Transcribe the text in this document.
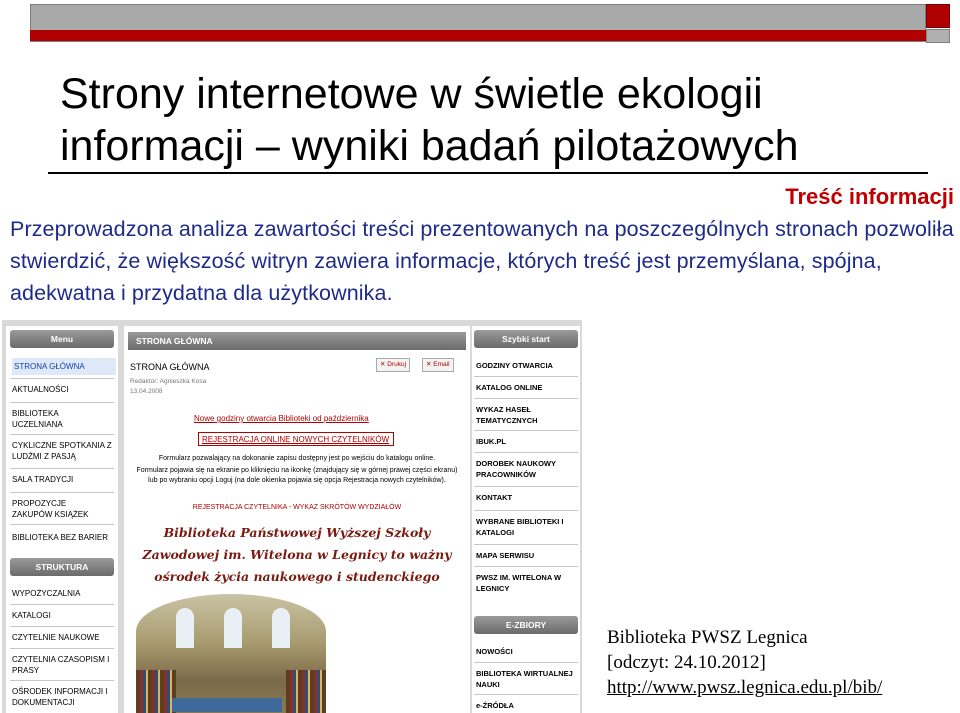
Strony internetowe w świetle ekologii
informacji – wyniki badań pilotażowych
Treść informacji
Przeprowadzona analiza zawartości treści prezentowanych na poszczególnych stronach pozwoliła stwierdzić, że większość witryn zawiera informacje, których treść jest przemyślana, spójna, adekwatna i przydatna dla użytkownika.
Menu
STRONA GŁÓWNA
AKTUALNOŚCI
BIBLIOTEKA UCZELNIANA
CYKLICZNE SPOTKANIA Z LUDŹMI Z PASJĄ
SALA TRADYCJI
PROPOZYCJE ZAKUPÓW KSIĄŻEK
BIBLIOTEKA BEZ BARIER
STRUKTURA
WYPOŻYCZALNIA
KATALOGI
CZYTELNIE NAUKOWE
CZYTELNIA CZASOPISM I PRASY
OŚRODEK INFORMACJI I DOKUMENTACJI
STRONA GŁÓWNA
STRONA GŁÓWNA
Redaktor: Agnieszka Kosa
13.04.2008
✕ Drukuj	✕ Email
Nowe godziny otwarcia Biblioteki od października
REJESTRACJA ONLINE NOWYCH CZYTELNIKÓW
Formularz pozwalający na dokonanie zapisu dostępny jest po wejściu do katalogu online.
Formularz pojawia się na ekranie po kliknięciu na ikonkę (znajdujący się w górnej prawej części ekranu) lub po wybraniu opcji Loguj (na dole okienka pojawia się opcja Rejestracja nowych czytelników).
REJESTRACJA CZYTELNIKA - WYKAZ SKRÓTÓW WYDZIAŁÓW
Biblioteka Państwowej Wyższej Szkoły
Zawodowej im. Witelona w Legnicy to ważny
ośrodek życia naukowego i studenckiego
Szybki start
GODZINY OTWARCIA
KATALOG ONLINE
WYKAZ HASEŁ TEMATYCZNYCH
IBUK.PL
DOROBEK NAUKOWY PRACOWNIKÓW
KONTAKT
WYBRANE BIBLIOTEKI I KATALOGI
MAPA SERWISU
PWSZ IM. WITELONA W LEGNICY
E-ZBIORY
NOWOŚCI
BIBLIOTEKA WIRTUALNEJ NAUKI
e-ŹRÓDŁA
Biblioteka PWSZ Legnica
[odczyt: 24.10.2012]
http://www.pwsz.legnica.edu.pl/bib/
